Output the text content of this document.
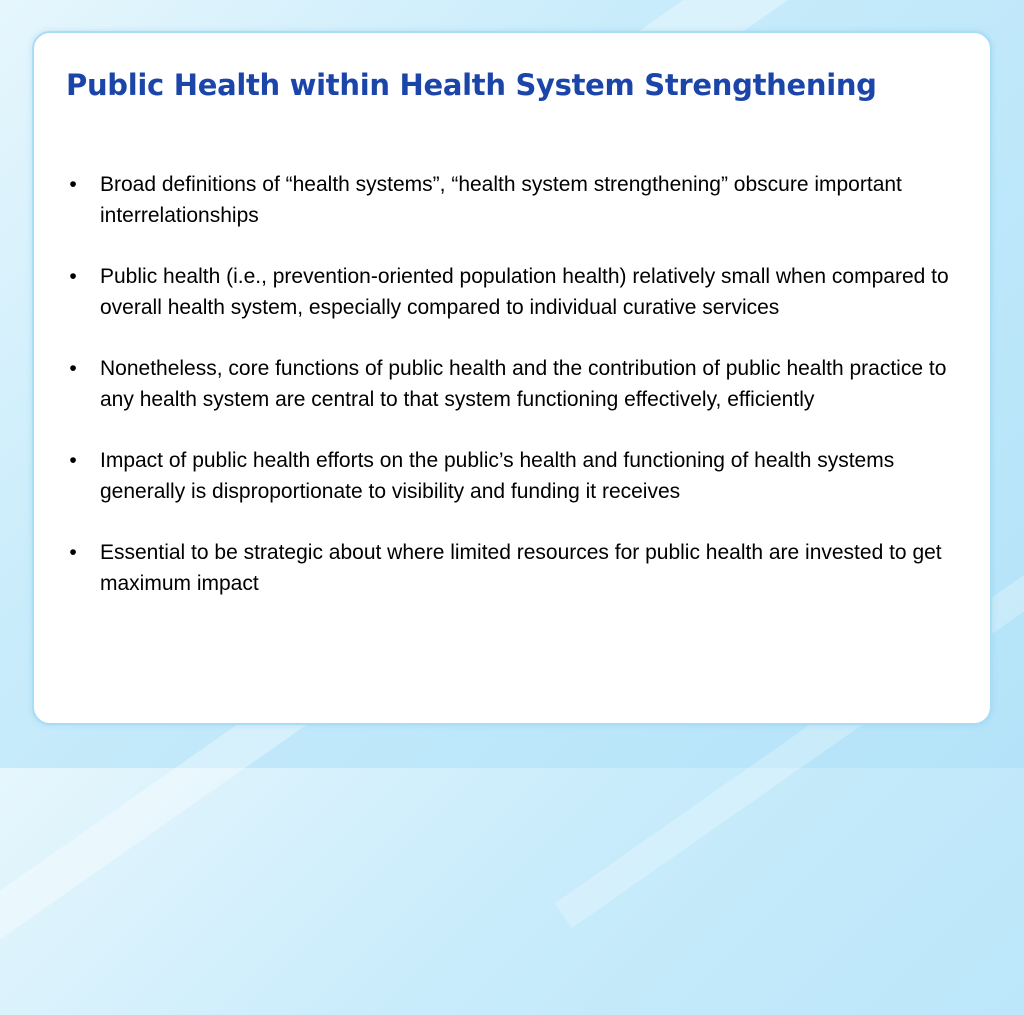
Public Health within Health System Strengthening
• Broad definitions of “health systems”, “health system strengthening” obscure important interrelationships
• Public health (i.e., prevention-oriented population health) relatively small when compared to overall health system, especially compared to individual curative services
• Nonetheless, core functions of public health and the contribution of public health practice to any health system are central to that system functioning effectively, efficiently
• Impact of public health efforts on the public’s health and functioning of health systems generally is disproportionate to visibility and funding it receives
• Essential to be strategic about where limited resources for public health are invested to get maximum impact
